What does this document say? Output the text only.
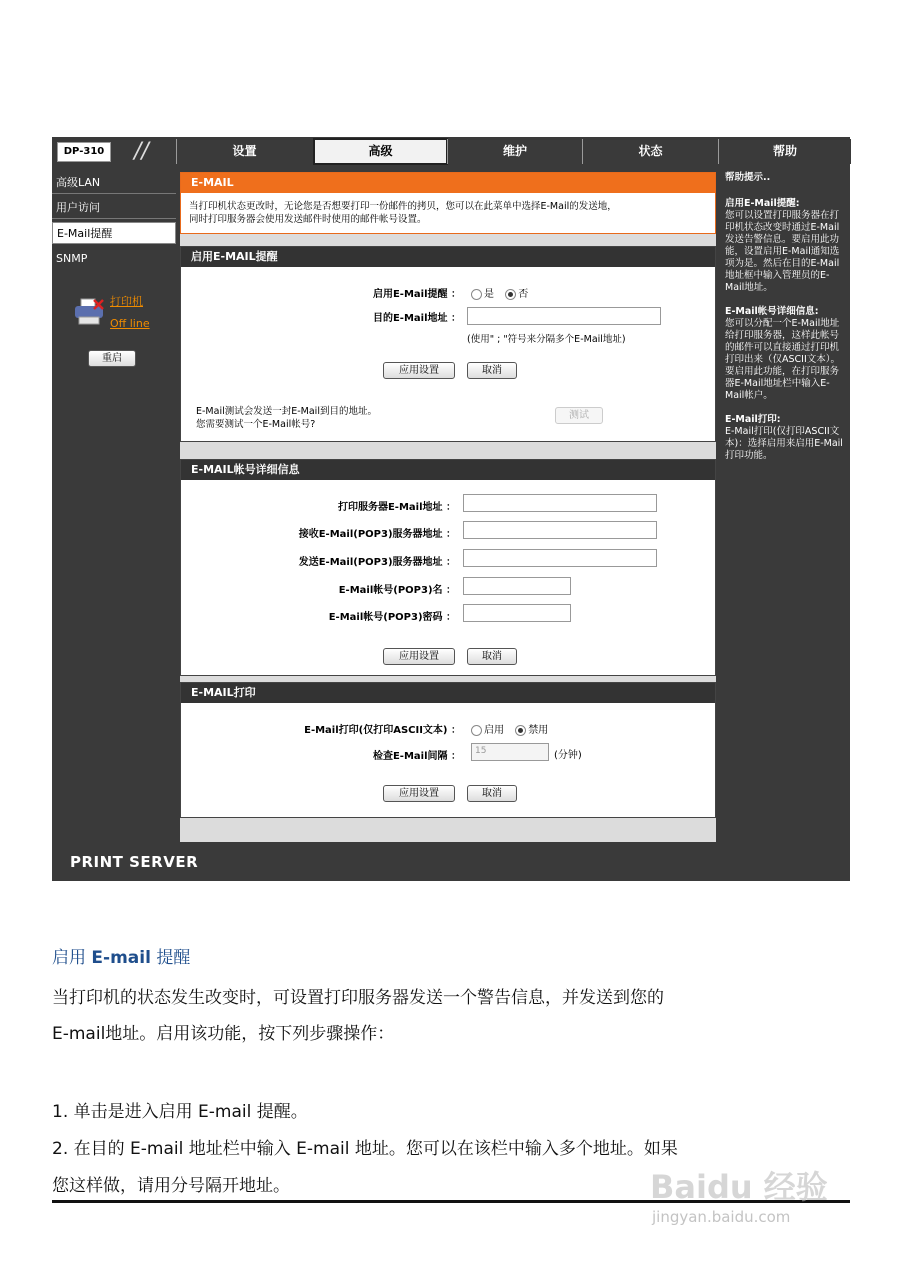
DP-310	//	设置	高级	维护	状态	帮助
高级LAN
用户访问
E-Mail提醒
SNMP
打印机
Off line
重启
E-MAIL
当打印机状态更改时，无论您是否想要打印一份邮件的拷贝，您可以在此菜单中选择E-Mail的发送地，
同时打印服务器会使用发送邮件时使用的邮件帐号设置。
启用E-MAIL提醒
启用E-Mail提醒 ：	是 否
目的E-Mail地址 ：
(使用" ; "符号来分隔多个E-Mail地址)
应用设置	取消
E-Mail测试会发送一封E-Mail到目的地址。
您需要测试一个E-Mail帐号?
测试
E-MAIL帐号详细信息
打印服务器E-Mail地址 ：
接收E-Mail(POP3)服务器地址 ：
发送E-Mail(POP3)服务器地址 ：
E-Mail帐号(POP3)名 ：
E-Mail帐号(POP3)密码 ：
应用设置	取消
E-MAIL打印
E-Mail打印(仅打印ASCII文本) ：	启用 禁用
检查E-Mail间隔 ：	15	(分钟)
应用设置	取消

帮助提示..

启用E-Mail提醒:

您可以设置打印服务器在打印机状态改变时通过E-Mail发送告警信息。要启用此功能，设置启用E-Mail通知选项为是。然后在目的E-Mail地址框中输入管理员的E-Mail地址。

E-Mail帐号详细信息:

您可以分配一个E-Mail地址给打印服务器，这样此帐号的邮件可以直接通过打印机打印出来（仅ASCII文本）。要启用此功能，在打印服务器E-Mail地址栏中输入E-Mail帐户。

E-Mail打印:

E-Mail打印(仅打印ASCII文本)：选择启用来启用E-Mail打印功能。

PRINT SERVER
启用 E-mail 提醒
当打印机的状态发生改变时，可设置打印服务器发送一个警告信息，并发送到您的
E-mail地址。启用该功能，按下列步骤操作：
1. 单击是进入启用 E-mail 提醒。
2. 在目的 E-mail 地址栏中输入 E-mail 地址。您可以在该栏中输入多个地址。如果
您这样做，请用分号隔开地址。	Baidu 经验
jingyan.baidu.com
